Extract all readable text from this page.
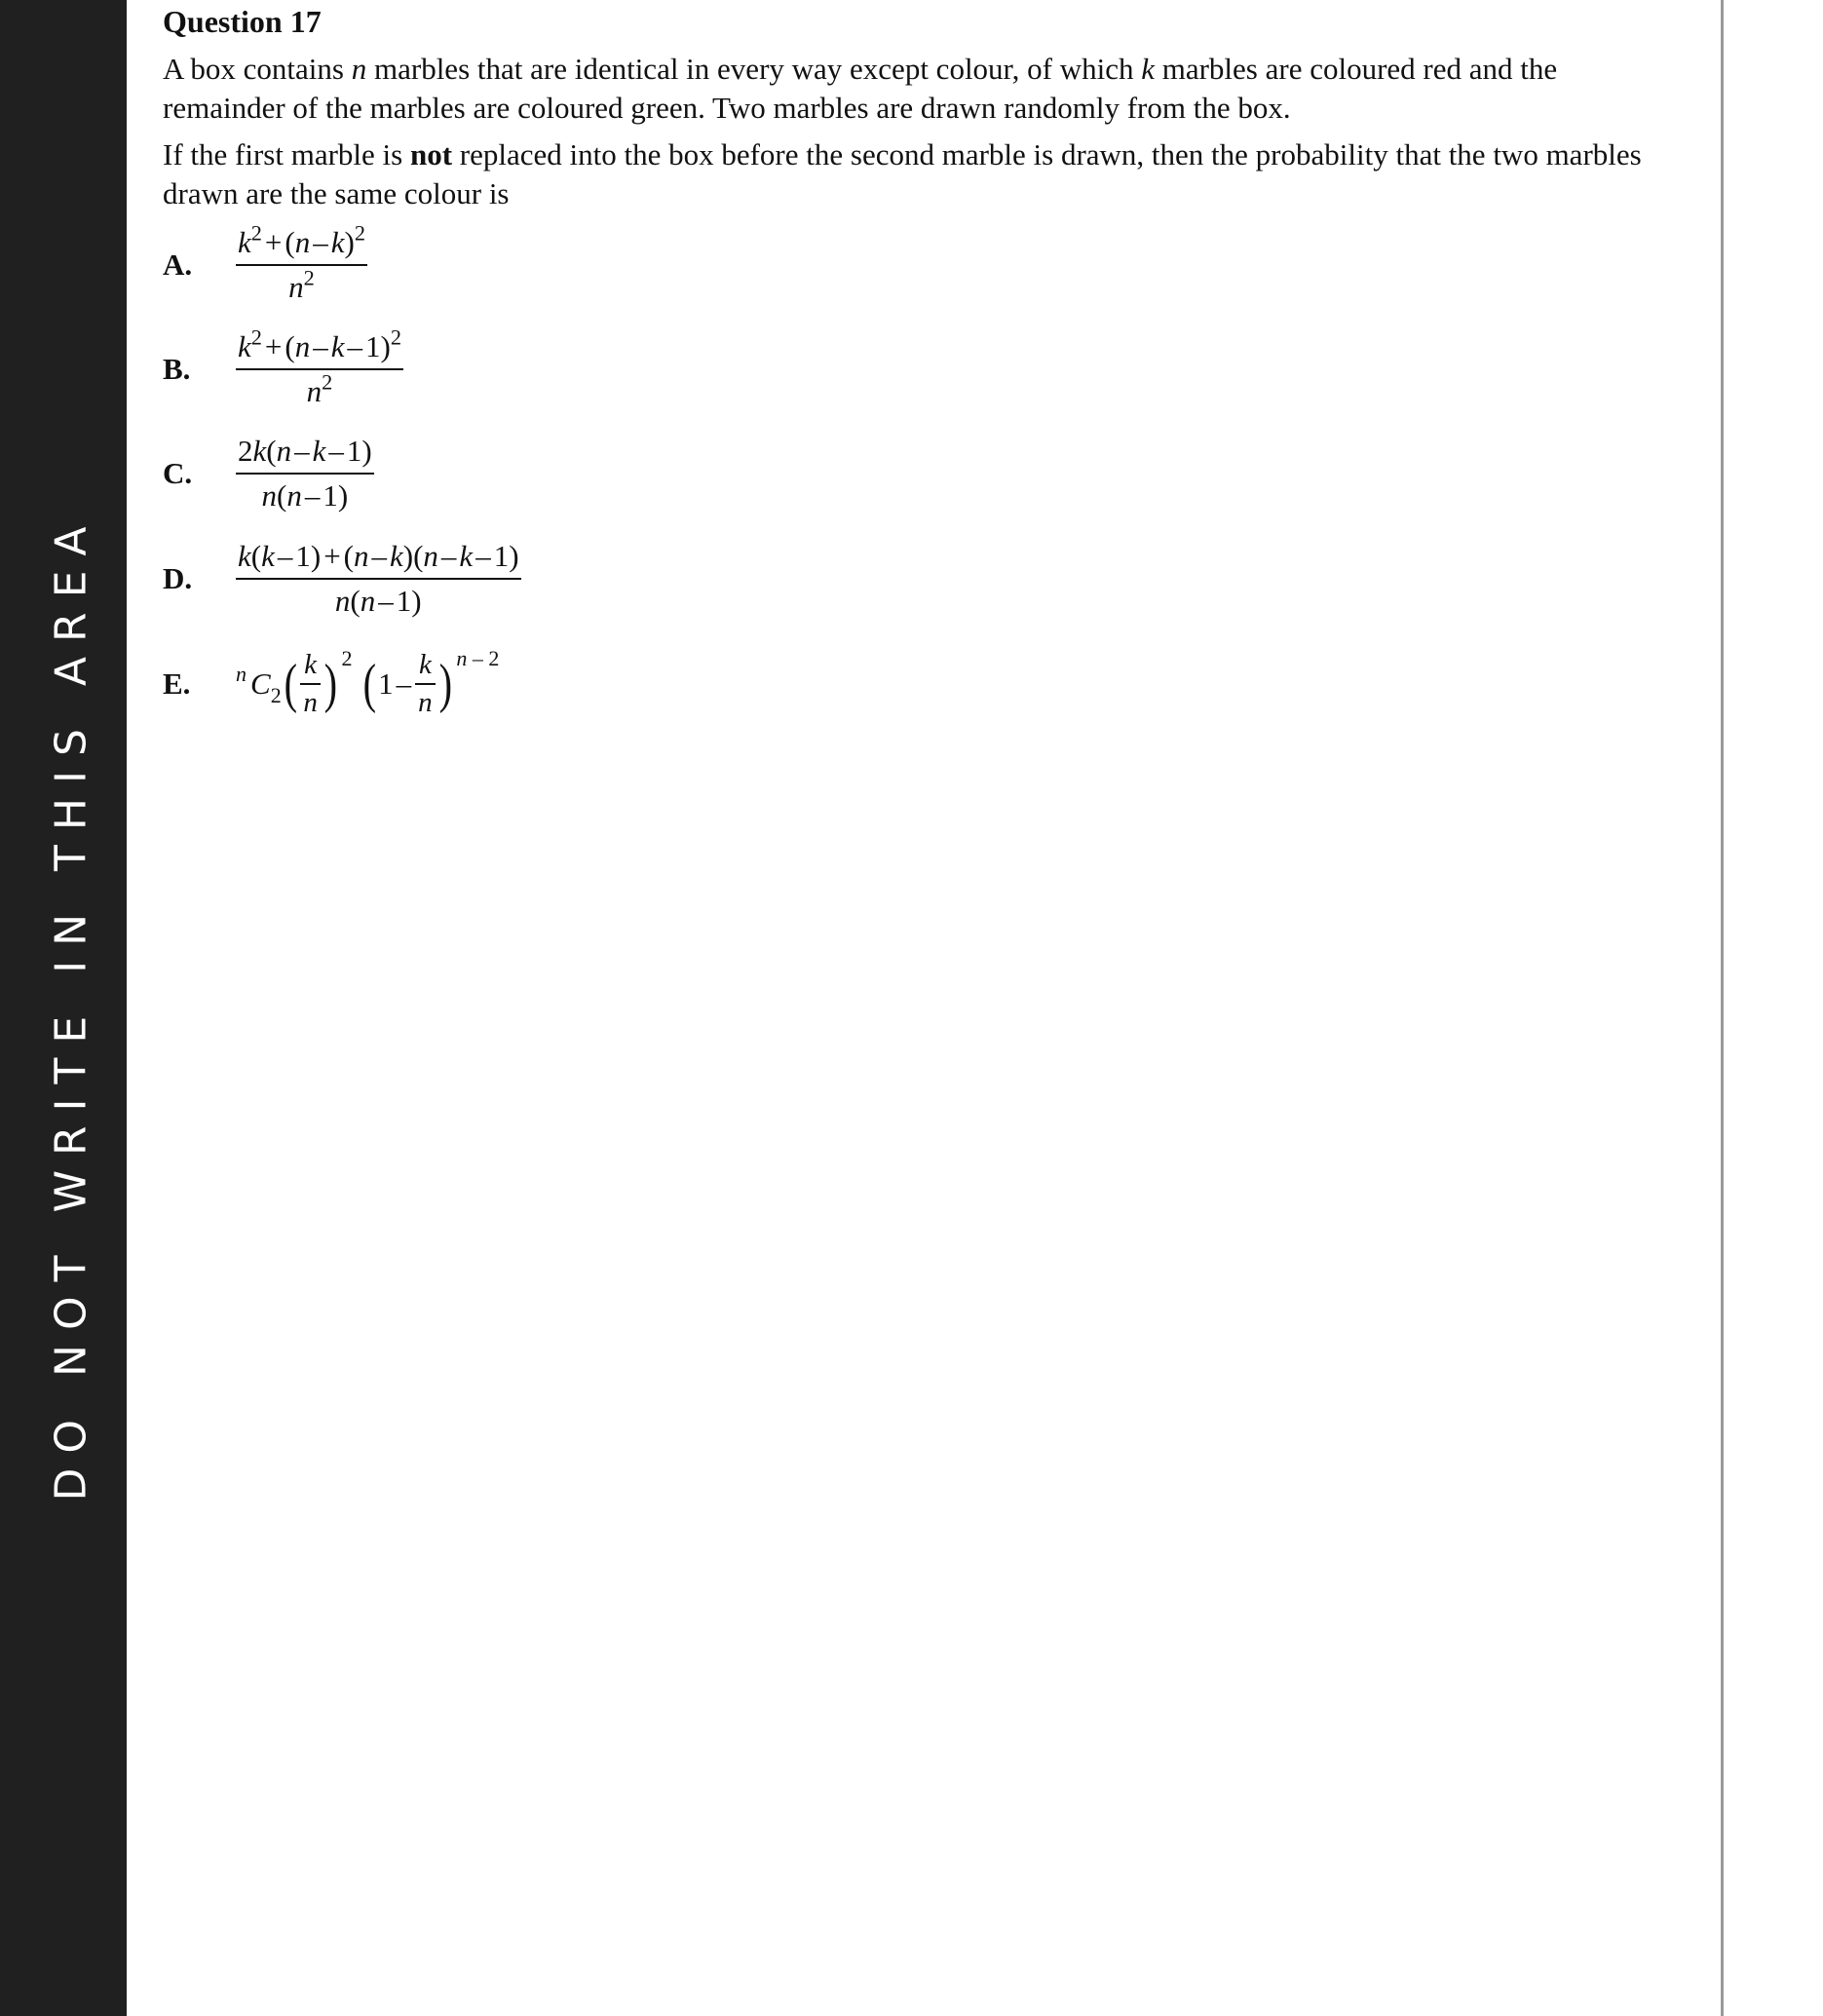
DO NOT WRITE IN THIS AREA
Question 17
A box contains n marbles that are identical in every way except colour, of which k marbles are coloured red and the remainder of the marbles are coloured green. Two marbles are drawn randomly from the box.
If the first marble is not replaced into the box before the second marble is drawn, then the probability that the two marbles drawn are the same colour is
A. $\frac{k^2+(n-k)^2}{n^2}$
B. $\frac{k^2+(n-k-1)^2}{n^2}$
C. $\frac{2k(n-k-1)}{n(n-1)}$
D. $\frac{k(k-1)+(n-k)(n-k-1)}{n(n-1)}$
E. n C 2 ( $\frac{k}{n}$ ) 2 ( $1 - \frac{k}{n}$ ) n – 2
